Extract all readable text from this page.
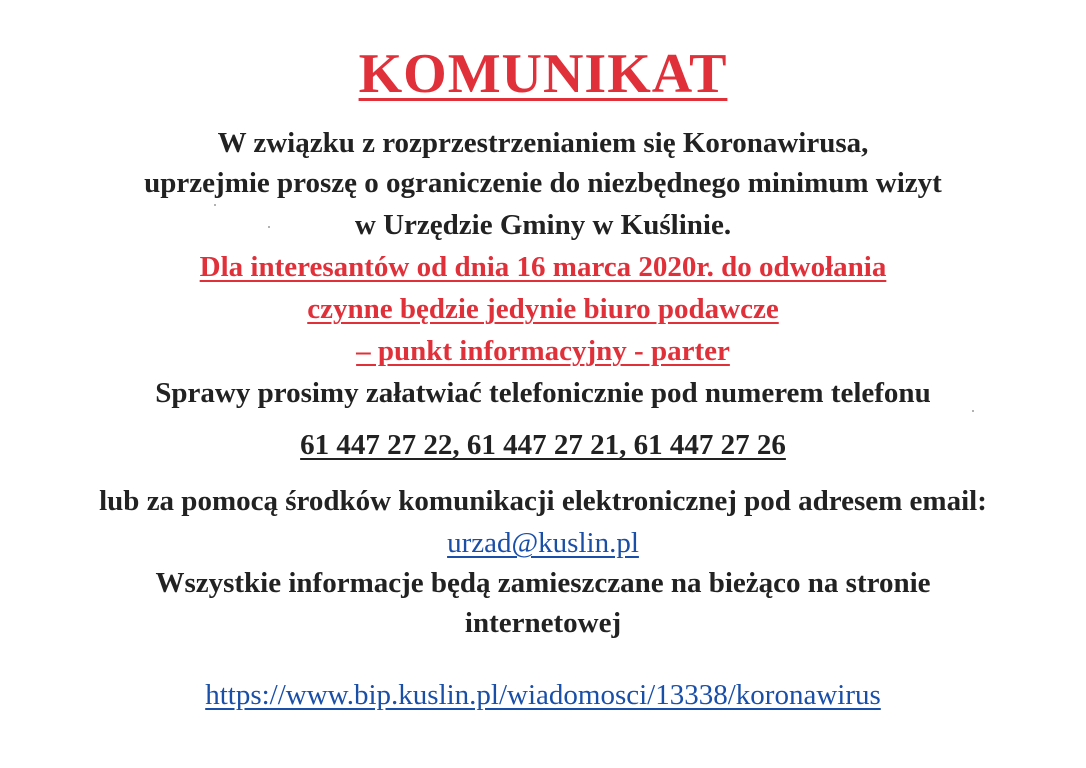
KOMUNIKAT
W związku z rozprzestrzenianiem się Koronawirusa,
uprzejmie proszę o ograniczenie do niezbędnego minimum wizyt
w Urzędzie Gminy w Kuślinie.
Dla interesantów od dnia 16 marca 2020r. do odwołania
czynne będzie jedynie biuro podawcze
– punkt informacyjny - parter
Sprawy prosimy załatwiać telefonicznie pod numerem telefonu
61 447 27 22, 61 447 27 21, 61 447 27 26
lub za pomocą środków komunikacji elektronicznej pod adresem email:
urzad@kuslin.pl
Wszystkie informacje będą zamieszczane na bieżąco na stronie
internetowej
https://www.bip.kuslin.pl/wiadomosci/13338/koronawirus
